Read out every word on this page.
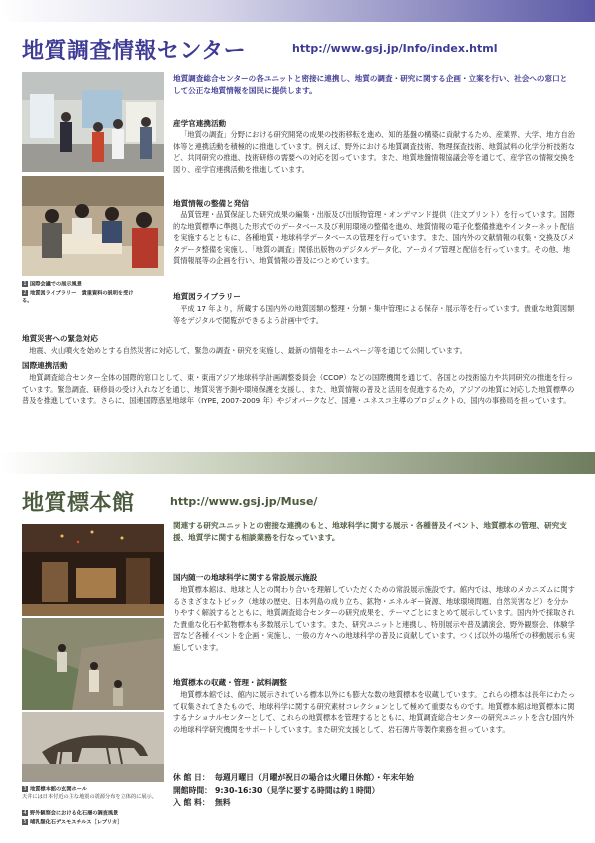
地質調査情報センター	http://www.gsj.jp/Info/index.html
1 国際会議での展示風景
2 地質図ライブラリー　貴重資料の説明を受ける。
地質調査総合センターの各ユニットと密接に連携し、地質の調査・研究に関する企画・立案を行い、社会への窓口として公正な地質情報を国民に提供します。
産学官連携活動
「地質の調査」分野における研究開発の成果の技術移転を進め、知的基盤の構築に貢献するため、産業界、大学、地方自治体等と連携活動を積極的に推進しています。例えば、野外における地質調査技術、物理探査技術、地質試料の化学分析技術など、共同研究の推進、技術研修の需要への対応を図っています。また、地質地盤情報協議会等を通じて、産学官の情報交換を図り、産学官連携活動を推進しています。
地質情報の整備と発信
品質管理・品質保証した研究成果の編集・出版及び出版物管理・オンデマンド提供（注文プリント）を行っています。国際的な地質標準に準拠した形式でのデータベース及び利用環境の整備を進め、地質情報の電子化整備推進やインターネット配信を実施するとともに、各種地質・地球科学データベースの管理を行っています。また、国内外の文献情報の収集・交換及びメタデータ整備を実施し、「地質の調査」関係出版物のデジタルデータ化、アーカイブ管理と配信を行っています。その他、地質情報展等の企画を行い、地質情報の普及につとめています。
地質図ライブラリー
平成 17 年より，所蔵する国内外の地質図類の整理・分類・集中管理による保存・展示等を行っています。貴重な地質図類等をデジタルで閲覧ができるよう計画中です。
地質災害への緊急対応
地震、火山噴火を始めとする自然災害に対応して、緊急の調査・研究を実施し、最新の情報をホームページ等を通じて公開しています。
国際連携活動
地質調査総合センター全体の国際的窓口として、東・東南アジア地球科学計画調整委員会（CCOP）などの国際機関を通じて、各国との技術協力や共同研究の推進を行っています。緊急調査、研修員の受け入れなどを通じ、地質災害予測や環境保護を支援し、また、地質情報の普及と活用を促進するため，アジアの地質に対応した地質標準の普及を推進しています。さらに、国連国際惑星地球年（IYPE, 2007-2009 年）やジオパークなど、国連・ユネスコ主導のプロジェクトの、国内の事務局を担っています。
地質標本館	http://www.gsj.jp/Muse/
3 地質標本館の玄関ホール
天井には日本付近の主な地震の震源分布を立体的に展示。
4 野外観察会における化石層の調査風景
5 哺乳類化石デスモスチルス［レプリカ］
関連する研究ユニットとの密接な連携のもと、地球科学に関する展示・各種普及イベント、地質標本の管理、研究支援、地質学に関する相談業務を行なっています。
国内随一の地球科学に関する常設展示施設
地質標本館は、地球と人との関わり合いを理解していただくための常設展示施設です。館内では、地球のメカニズムに関するさまざまなトピック（地球の歴史、日本列島の成り立ち、鉱物・エネルギー資源、地球環境問題、自然災害など）を分かりやすく解説するとともに、地質調査総合センターの研究成果を、テーマごとにまとめて展示しています。国内外で採取された貴重な化石や鉱物標本も多数展示しています。また、研究ユニットと連携し、特別展示や普及講演会、野外観察会、体験学習など各種イベントを企画・実施し、一般の方々への地球科学の普及に貢献しています。つくば以外の場所での移動展示も実施しています。
地質標本の収蔵・管理・試料調整
地質標本館では、館内に展示されている標本以外にも膨大な数の地質標本を収蔵しています。これらの標本は長年にわたって収集されてきたもので、地球科学に関する研究素材コレクションとして極めて重要なものです。地質標本館は地質標本に関するナショナルセンターとして、これらの地質標本を管理するとともに、地質調査総合センターの研究ユニットを含む国内外の地球科学研究機関をサポートしています。また研究支援として、岩石薄片等製作業務を担っています。
休 館 日： 毎週月曜日（月曜が祝日の場合は火曜日休館）・年末年始
開館時間： 9:30-16:30（見学に要する時間は約１時間）
入 館 料： 無料
